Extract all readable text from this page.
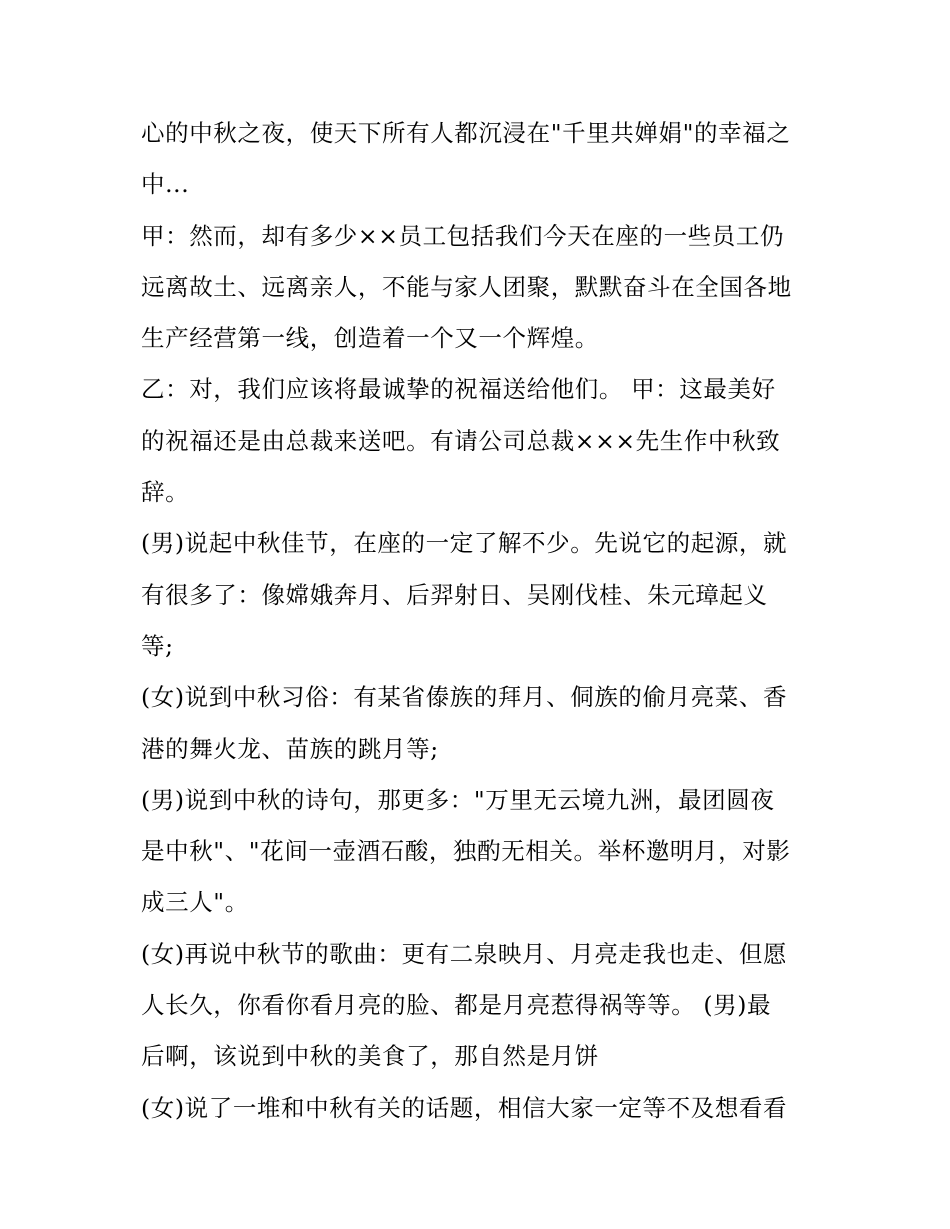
心的中秋之夜，使天下所有人都沉浸在"千里共婵娟"的幸福之
中...
甲：然而，却有多少××员工包括我们今天在座的一些员工仍
远离故土、远离亲人，不能与家人团聚，默默奋斗在全国各地
生产经营第一线，创造着一个又一个辉煌。
乙：对，我们应该将最诚挚的祝福送给他们。 甲：这最美好
的祝福还是由总裁来送吧。有请公司总裁×××先生作中秋致
辞。
(男)说起中秋佳节，在座的一定了解不少。先说它的起源，就
有很多了：像嫦娥奔月、后羿射日、吴刚伐桂、朱元璋起义
等;
(女)说到中秋习俗：有某省傣族的拜月、侗族的偷月亮菜、香
港的舞火龙、苗族的跳月等;
(男)说到中秋的诗句，那更多："万里无云境九洲，最团圆夜
是中秋"、"花间一壶酒石酸，独酌无相关。举杯邀明月，对影
成三人"。
(女)再说中秋节的歌曲：更有二泉映月、月亮走我也走、但愿
人长久，你看你看月亮的脸、都是月亮惹得祸等等。 (男)最
后啊，该说到中秋的美食了，那自然是月饼
(女)说了一堆和中秋有关的话题，相信大家一定等不及想看看
